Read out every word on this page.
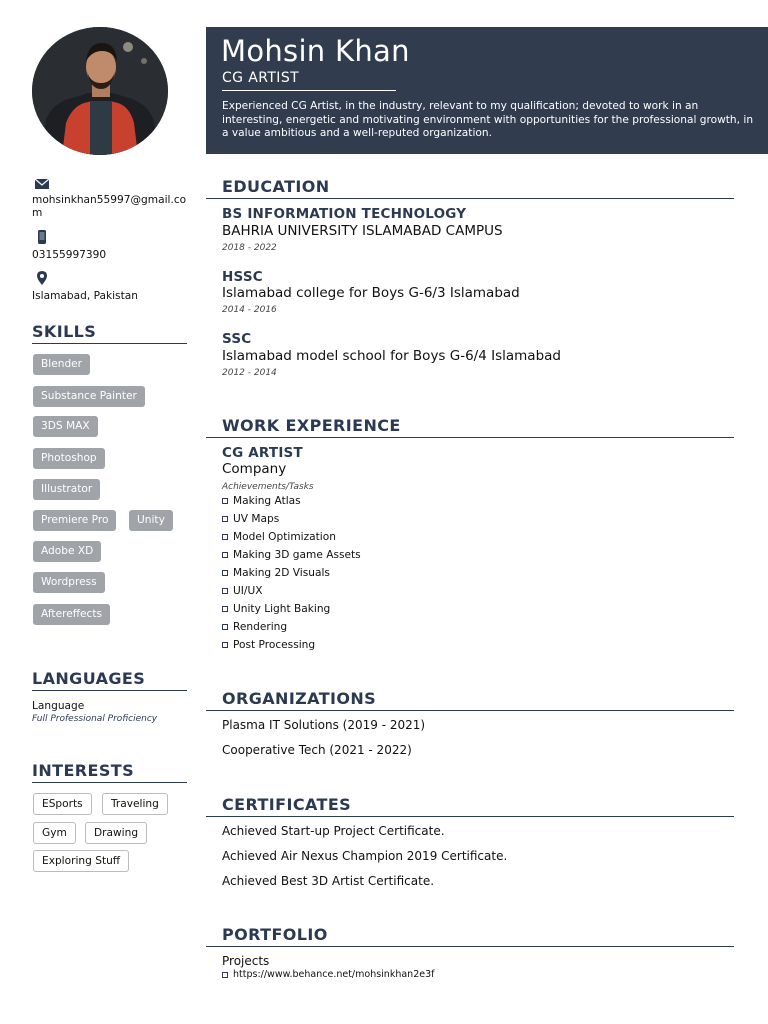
Mohsin Khan
CG ARTIST
Experienced CG Artist, in the industry, relevant to my qualification; devoted to work in an interesting, energetic and motivating environment with opportunities for the professional growth, in a value ambitious and a well-reputed organization.
mohsinkhan55997@gmail.co
m
03155997390
Islamabad, Pakistan
SKILLS
Blender
Substance Painter
3DS MAX
Photoshop
Illustrator
Premiere Pro	Unity
Adobe XD
Wordpress
Aftereffects
LANGUAGES
Language
Full Professional Proficiency
INTERESTS
ESports	Traveling
Gym	Drawing
Exploring Stuff
EDUCATION
BS INFORMATION TECHNOLOGY
BAHRIA UNIVERSITY ISLAMABAD CAMPUS
2018 - 2022
HSSC
Islamabad college for Boys G-6/3 Islamabad
2014 - 2016
SSC
Islamabad model school for Boys G-6/4 Islamabad
2012 - 2014
WORK EXPERIENCE
CG ARTIST
Company
Achievements/Tasks
Making Atlas
UV Maps
Model Optimization
Making 3D game Assets
Making 2D Visuals
UI/UX
Unity Light Baking
Rendering
Post Processing
ORGANIZATIONS
Plasma IT Solutions (2019 - 2021)
Cooperative Tech (2021 - 2022)
CERTIFICATES
Achieved Start-up Project Certificate.
Achieved Air Nexus Champion 2019 Certificate.
Achieved Best 3D Artist Certificate.
PORTFOLIO
Projects
https://www.behance.net/mohsinkhan2e3f
